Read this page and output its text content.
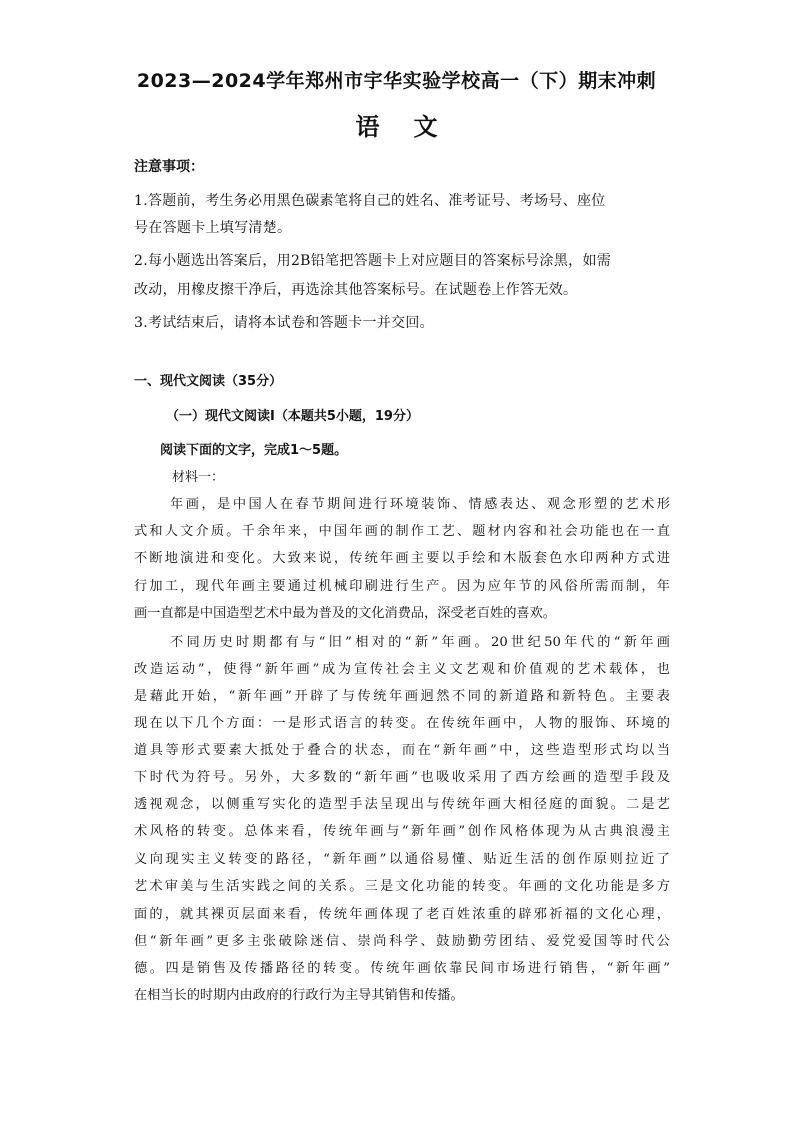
2023—2024学年郑州市宇华实验学校高一（下）期末冲刺
语 文
注意事项：
1.答题前，考生务必用黑色碳素笔将自己的姓名、准考证号、考场号、座位
号在答题卡上填写清楚。
2.每小题选出答案后，用2B铅笔把答题卡上对应题目的答案标号涂黑，如需
改动，用橡皮擦干净后，再选涂其他答案标号。在试题卷上作答无效。
3.考试结束后，请将本试卷和答题卡一并交回。
一、现代文阅读（35分）
（一）现代文阅读Ⅰ（本题共5小题，19分）
阅读下面的文字，完成1～5题。
材料一：
年画，是中国人在春节期间进行环境装饰、情感表达、观念形塑的艺术形
式和人文介质。千余年来，中国年画的制作工艺、题材内容和社会功能也在一直
不断地演进和变化。大致来说，传统年画主要以手绘和木版套色水印两种方式进
行加工，现代年画主要通过机械印刷进行生产。因为应年节的风俗所需而制，年
画一直都是中国造型艺术中最为普及的文化消费品，深受老百姓的喜欢。
不同历史时期都有与“旧”相对的“新”年画。20世纪50年代的“新年画
改造运动”，使得“新年画”成为宣传社会主义文艺观和价值观的艺术载体，也
是藉此开始，“新年画”开辟了与传统年画迥然不同的新道路和新特色。主要表
现在以下几个方面：一是形式语言的转变。在传统年画中，人物的服饰、环境的
道具等形式要素大抵处于叠合的状态，而在“新年画”中，这些造型形式均以当
下时代为符号。另外，大多数的“新年画”也吸收采用了西方绘画的造型手段及
透视观念，以侧重写实化的造型手法呈现出与传统年画大相径庭的面貌。二是艺
术风格的转变。总体来看，传统年画与“新年画”创作风格体现为从古典浪漫主
义向现实主义转变的路径，“新年画”以通俗易懂、贴近生活的创作原则拉近了
艺术审美与生活实践之间的关系。三是文化功能的转变。年画的文化功能是多方
面的，就其裸页层面来看，传统年画体现了老百姓浓重的辟邪祈福的文化心理，
但“新年画”更多主张破除迷信、崇尚科学、鼓励勤劳团结、爱党爱国等时代公
德。四是销售及传播路径的转变。传统年画依靠民间市场进行销售，“新年画”
在相当长的时期内由政府的行政行为主导其销售和传播。
